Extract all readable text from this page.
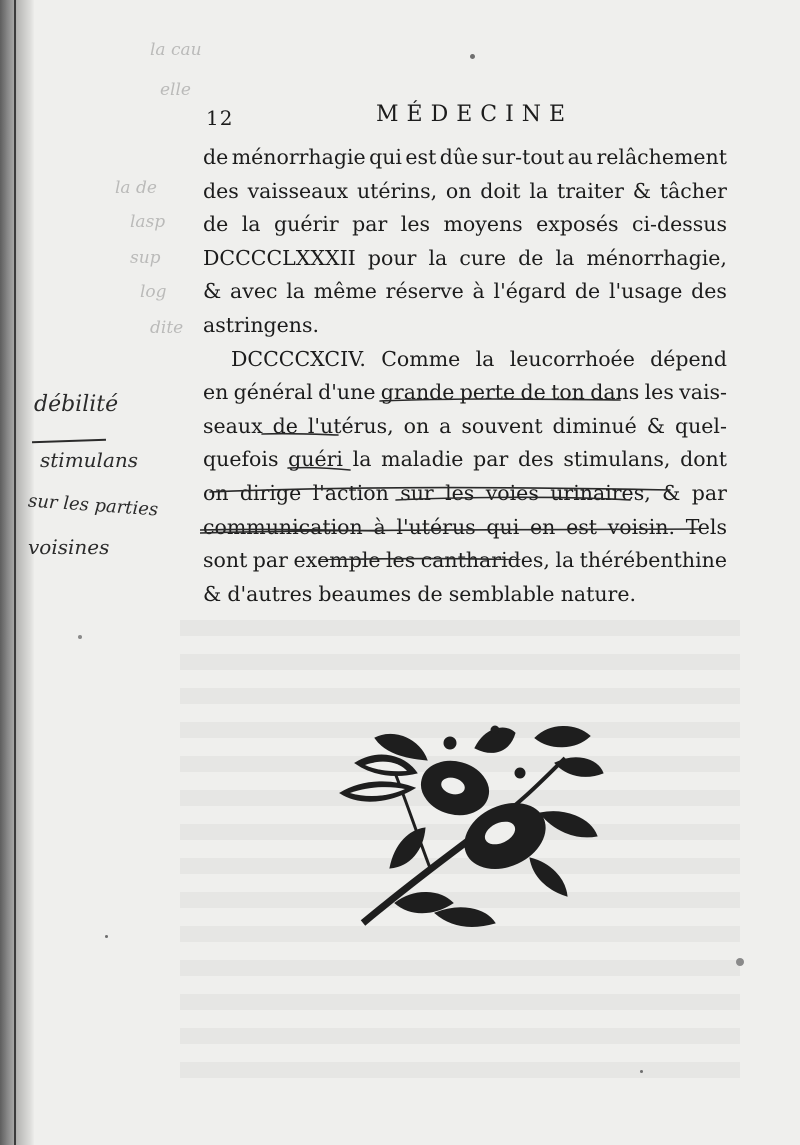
la cau
elle
la de
lasp
sup
log
dite
12	MÉDECINE
de ménorrhagie qui est dûe sur-tout au relâchement
des vaisseaux utérins, on doit la traiter & tâcher
de la guérir par les moyens exposés ci-dessus
DCCCCLXXXII pour la cure de la ménorrhagie,
& avec la même réserve à l'égard de l'usage des
astringens.
DCCCCXCIV. Comme la leucorrhoée dépend
en général d'une grande perte de ton dans les vais-
seaux de l'utérus, on a souvent diminué & quel-
quefois guéri la maladie par des stimulans, dont
on dirige l'action sur les voies urinaires, & par
communication à l'utérus qui en est voisin. Tels
sont par exemple les cantharides, la thérébenthine
& d'autres beaumes de semblable nature.
débilité
stimulans
sur les parties
voisines
